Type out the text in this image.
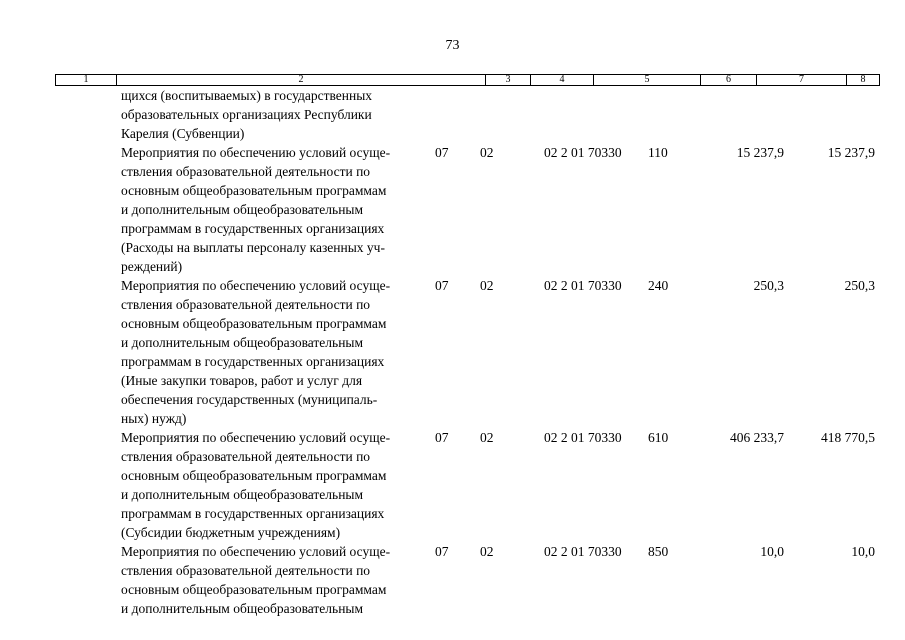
73
1	2	3	4	5	6	7	8
щихся (воспитываемых) в государственных
образовательных организациях Республики
Карелия (Субвенции)
Мероприятия по обеспечению условий осуще-
ствления образовательной деятельности по
основным общеобразовательным программам
и дополнительным общеобразовательным
программам в государственных организациях
(Расходы на выплаты персоналу казенных уч-
реждений)
07 02	02 2 01 70330 110	15 237,9	15 237,9
Мероприятия по обеспечению условий осуще-
ствления образовательной деятельности по
основным общеобразовательным программам
и дополнительным общеобразовательным
программам в государственных организациях
(Иные закупки товаров, работ и услуг для
обеспечения государственных (муниципаль-
ных) нужд)
07 02	02 2 01 70330 240	250,3	250,3
Мероприятия по обеспечению условий осуще-
ствления образовательной деятельности по
основным общеобразовательным программам
и дополнительным общеобразовательным
программам в государственных организациях
(Субсидии бюджетным учреждениям)
07 02	02 2 01 70330 610	406 233,7	418 770,5
Мероприятия по обеспечению условий осуще-
ствления образовательной деятельности по
основным общеобразовательным программам
и дополнительным общеобразовательным
07 02	02 2 01 70330 850	10,0	10,0
